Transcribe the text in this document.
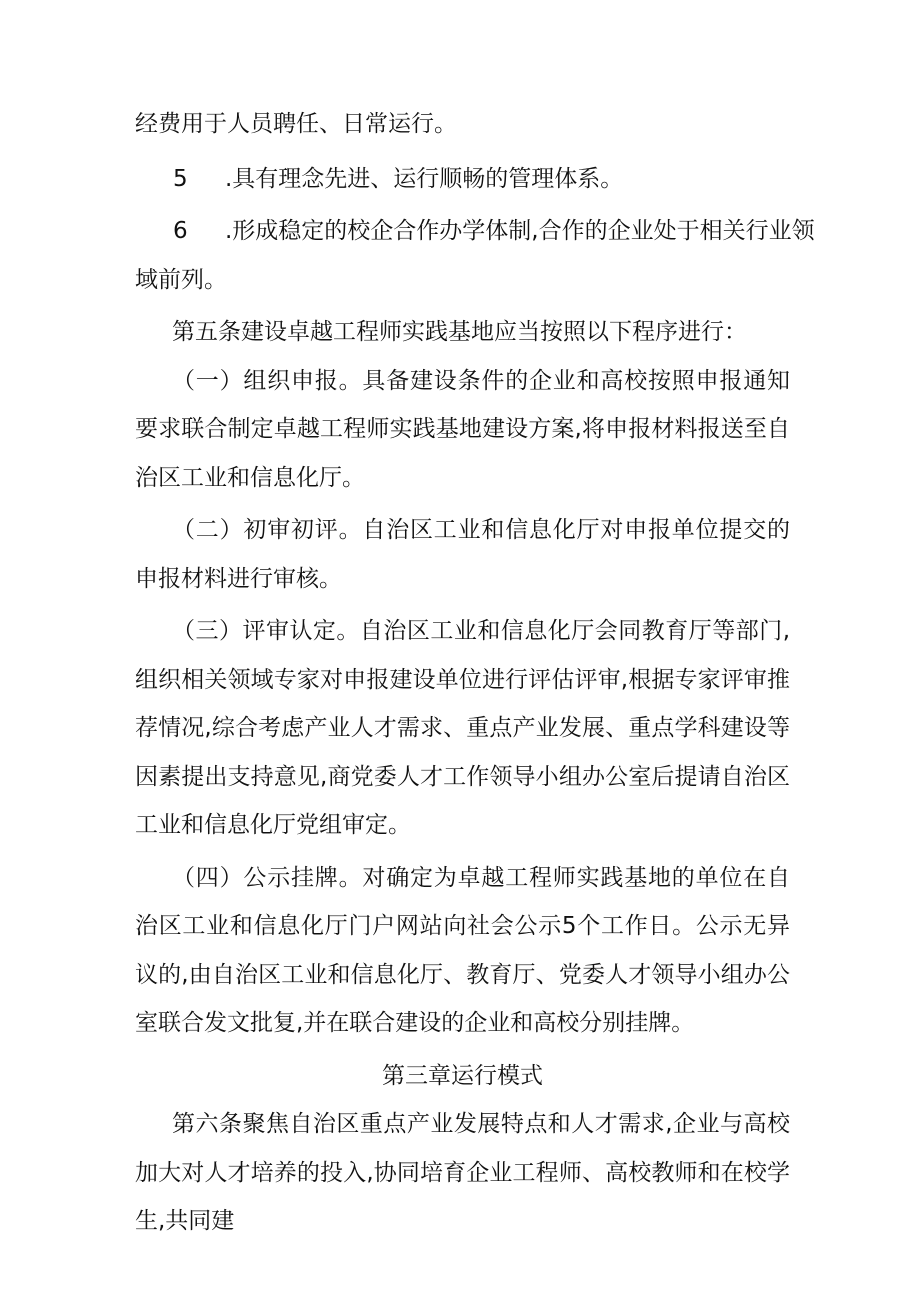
经费用于人员聘任、日常运行。

5 .具有理念先进、运行顺畅的管理体系。

6 .形成稳定的校企合作办学体制,合作的企业处于相关行业领
域前列。

第五条建设卓越工程师实践基地应当按照以下程序进行：

（一）组织申报。具备建设条件的企业和高校按照申报通知要求联合制定卓越工程师实践基地建设方案,将申报材料报送至自治区工业和信息化厅。

（二）初审初评。自治区工业和信息化厅对申报单位提交的申报材料进行审核。

（三）评审认定。自治区工业和信息化厅会同教育厅等部门,组织相关领域专家对申报建设单位进行评估评审,根据专家评审推荐情况,综合考虑产业人才需求、重点产业发展、重点学科建设等因素提出支持意见,商党委人才工作领导小组办公室后提请自治区工业和信息化厅党组审定。

（四）公示挂牌。对确定为卓越工程师实践基地的单位在自治区工业和信息化厅门户网站向社会公示5个工作日。公示无异议的,由自治区工业和信息化厅、教育厅、党委人才领导小组办公室联合发文批复,并在联合建设的企业和高校分别挂牌。

第三章运行模式

第六条聚焦自治区重点产业发展特点和人才需求,企业与高校加大对人才培养的投入,协同培育企业工程师、高校教师和在校学生,共同建
